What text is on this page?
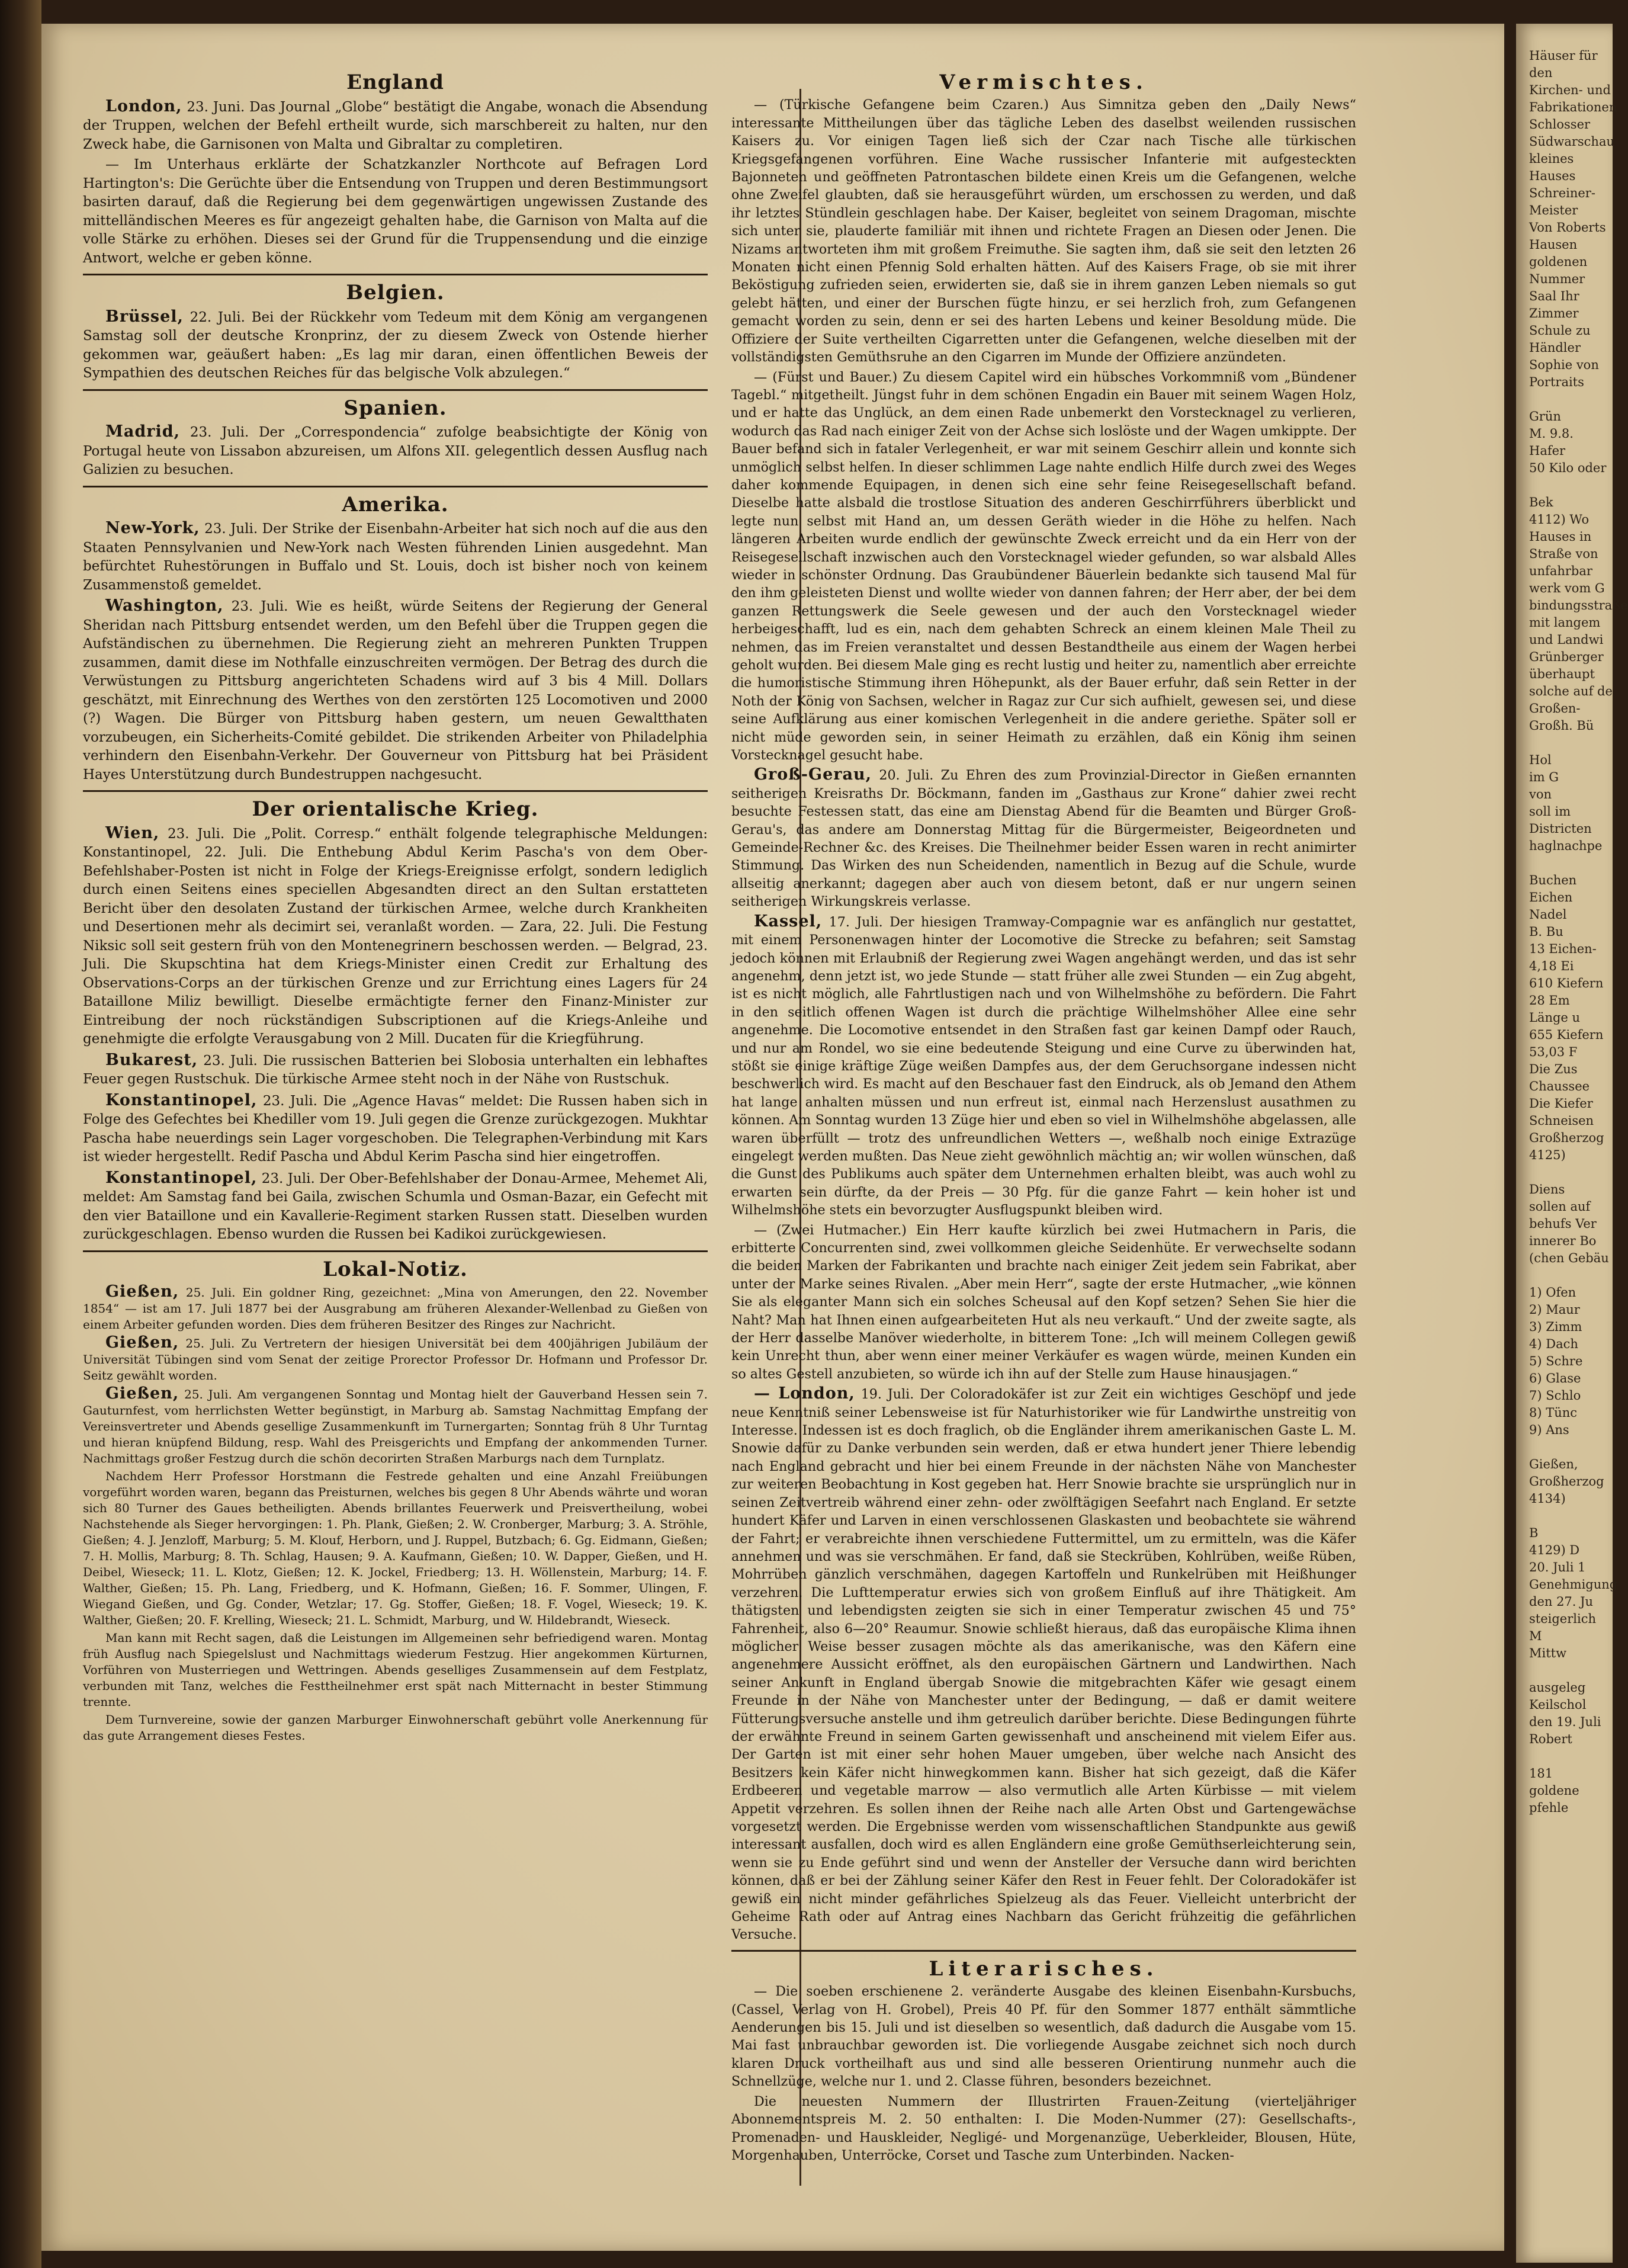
England

London, 23. Juni. Das Journal „Globe“ bestätigt die Angabe, wonach die Absendung der Truppen, welchen der Befehl ertheilt wurde, sich marschbereit zu halten, nur den Zweck habe, die Garnisonen von Malta und Gibraltar zu completiren.

— Im Unterhaus erklärte der Schatzkanzler Northcote auf Befragen Lord Hartington's: Die Gerüchte über die Entsendung von Truppen und deren Bestimmungsort basirten darauf, daß die Regierung bei dem gegenwärtigen ungewissen Zustande des mittelländischen Meeres es für angezeigt gehalten habe, die Garnison von Malta auf die volle Stärke zu erhöhen. Dieses sei der Grund für die Truppensendung und die einzige Antwort, welche er geben könne.

Belgien.

Brüssel, 22. Juli. Bei der Rückkehr vom Tedeum mit dem König am vergangenen Samstag soll der deutsche Kronprinz, der zu diesem Zweck von Ostende hierher gekommen war, geäußert haben: „Es lag mir daran, einen öffentlichen Beweis der Sympathien des deutschen Reiches für das belgische Volk abzulegen.“

Spanien.

Madrid, 23. Juli. Der „Correspondencia“ zufolge beabsichtigte der König von Portugal heute von Lissabon abzureisen, um Alfons XII. gelegentlich dessen Ausflug nach Galizien zu besuchen.

Amerika.

New-York, 23. Juli. Der Strike der Eisenbahn-Arbeiter hat sich noch auf die aus den Staaten Pennsylvanien und New-York nach Westen führenden Linien ausgedehnt. Man befürchtet Ruhestörungen in Buffalo und St. Louis, doch ist bisher noch von keinem Zusammenstoß gemeldet.

Washington, 23. Juli. Wie es heißt, würde Seitens der Regierung der General Sheridan nach Pittsburg entsendet werden, um den Befehl über die Truppen gegen die Aufständischen zu übernehmen. Die Regierung zieht an mehreren Punkten Truppen zusammen, damit diese im Nothfalle einzuschreiten vermögen. Der Betrag des durch die Verwüstungen zu Pittsburg angerichteten Schadens wird auf 3 bis 4 Mill. Dollars geschätzt, mit Einrechnung des Werthes von den zerstörten 125 Locomotiven und 2000 (?) Wagen. Die Bürger von Pittsburg haben gestern, um neuen Gewaltthaten vorzubeugen, ein Sicherheits-Comité gebildet. Die strikenden Arbeiter von Philadelphia verhindern den Eisenbahn-Verkehr. Der Gouverneur von Pittsburg hat bei Präsident Hayes Unterstützung durch Bundestruppen nachgesucht.

Der orientalische Krieg.

Wien, 23. Juli. Die „Polit. Corresp.“ enthält folgende telegraphische Meldungen: Konstantinopel, 22. Juli. Die Enthebung Abdul Kerim Pascha's von dem Ober-Befehlshaber-Posten ist nicht in Folge der Kriegs-Ereignisse erfolgt, sondern lediglich durch einen Seitens eines speciellen Abgesandten direct an den Sultan erstatteten Bericht über den desolaten Zustand der türkischen Armee, welche durch Krankheiten und Desertionen mehr als decimirt sei, veranlaßt worden. — Zara, 22. Juli. Die Festung Niksic soll seit gestern früh von den Montenegrinern beschossen werden. — Belgrad, 23. Juli. Die Skupschtina hat dem Kriegs-Minister einen Credit zur Erhaltung des Observations-Corps an der türkischen Grenze und zur Errichtung eines Lagers für 24 Bataillone Miliz bewilligt. Dieselbe ermächtigte ferner den Finanz-Minister zur Eintreibung der noch rückständigen Subscriptionen auf die Kriegs-Anleihe und genehmigte die erfolgte Verausgabung von 2 Mill. Ducaten für die Kriegführung.

Bukarest, 23. Juli. Die russischen Batterien bei Slobosia unterhalten ein lebhaftes Feuer gegen Rustschuk. Die türkische Armee steht noch in der Nähe von Rustschuk.

Konstantinopel, 23. Juli. Die „Agence Havas“ meldet: Die Russen haben sich in Folge des Gefechtes bei Khediller vom 19. Juli gegen die Grenze zurückgezogen. Mukhtar Pascha habe neuerdings sein Lager vorgeschoben. Die Telegraphen-Verbindung mit Kars ist wieder hergestellt. Redif Pascha und Abdul Kerim Pascha sind hier eingetroffen.

Konstantinopel, 23. Juli. Der Ober-Befehlshaber der Donau-Armee, Mehemet Ali, meldet: Am Samstag fand bei Gaila, zwischen Schumla und Osman-Bazar, ein Gefecht mit den vier Bataillone und ein Kavallerie-Regiment starken Russen statt. Dieselben wurden zurückgeschlagen. Ebenso wurden die Russen bei Kadikoi zurückgewiesen.

Lokal-Notiz.

Gießen, 25. Juli. Ein goldner Ring, gezeichnet: „Mina von Amerungen, den 22. November 1854“ — ist am 17. Juli 1877 bei der Ausgrabung am früheren Alexander-Wellenbad zu Gießen von einem Arbeiter gefunden worden. Dies dem früheren Besitzer des Ringes zur Nachricht.

Gießen, 25. Juli. Zu Vertretern der hiesigen Universität bei dem 400jährigen Jubiläum der Universität Tübingen sind vom Senat der zeitige Prorector Professor Dr. Hofmann und Professor Dr. Seitz gewählt worden.

Gießen, 25. Juli. Am vergangenen Sonntag und Montag hielt der Gauverband Hessen sein 7. Gauturnfest, vom herrlichsten Wetter begünstigt, in Marburg ab. Samstag Nachmittag Empfang der Vereinsvertreter und Abends gesellige Zusammenkunft im Turnergarten; Sonntag früh 8 Uhr Turntag und hieran knüpfend Bildung, resp. Wahl des Preisgerichts und Empfang der ankommenden Turner. Nachmittags großer Festzug durch die schön decorirten Straßen Marburgs nach dem Turnplatz.

Nachdem Herr Professor Horstmann die Festrede gehalten und eine Anzahl Freiübungen vorgeführt worden waren, begann das Preisturnen, welches bis gegen 8 Uhr Abends währte und woran sich 80 Turner des Gaues betheiligten. Abends brillantes Feuerwerk und Preisvertheilung, wobei Nachstehende als Sieger hervorgingen: 1. Ph. Plank, Gießen; 2. W. Cronberger, Marburg; 3. A. Ströhle, Gießen; 4. J. Jenzloff, Marburg; 5. M. Klouf, Herborn, und J. Ruppel, Butzbach; 6. Gg. Eidmann, Gießen; 7. H. Mollis, Marburg; 8. Th. Schlag, Hausen; 9. A. Kaufmann, Gießen; 10. W. Dapper, Gießen, und H. Deibel, Wieseck; 11. L. Klotz, Gießen; 12. K. Jockel, Friedberg; 13. H. Wöllenstein, Marburg; 14. F. Walther, Gießen; 15. Ph. Lang, Friedberg, und K. Hofmann, Gießen; 16. F. Sommer, Ulingen, F. Wiegand Gießen, und Gg. Conder, Wetzlar; 17. Gg. Stoffer, Gießen; 18. F. Vogel, Wieseck; 19. K. Walther, Gießen; 20. F. Krelling, Wieseck; 21. L. Schmidt, Marburg, und W. Hildebrandt, Wieseck.

Man kann mit Recht sagen, daß die Leistungen im Allgemeinen sehr befriedigend waren. Montag früh Ausflug nach Spiegelslust und Nachmittags wiederum Festzug. Hier angekommen Kürturnen, Vorführen von Musterriegen und Wettringen. Abends geselliges Zusammensein auf dem Festplatz, verbunden mit Tanz, welches die Festtheilnehmer erst spät nach Mitternacht in bester Stimmung trennte.

Dem Turnvereine, sowie der ganzen Marburger Einwohnerschaft gebührt volle Anerkennung für das gute Arrangement dieses Festes.

Vermischtes.

— (Türkische Gefangene beim Czaren.) Aus Simnitza geben den „Daily News“ interessante Mittheilungen über das tägliche Leben des daselbst weilenden russischen Kaisers zu. Vor einigen Tagen ließ sich der Czar nach Tische alle türkischen Kriegsgefangenen vorführen. Eine Wache russischer Infanterie mit aufgesteckten Bajonneten und geöffneten Patrontaschen bildete einen Kreis um die Gefangenen, welche ohne Zweifel glaubten, daß sie herausgeführt würden, um erschossen zu werden, und daß ihr letztes Stündlein geschlagen habe. Der Kaiser, begleitet von seinem Dragoman, mischte sich unter sie, plauderte familiär mit ihnen und richtete Fragen an Diesen oder Jenen. Die Nizams antworteten ihm mit großem Freimuthe. Sie sagten ihm, daß sie seit den letzten 26 Monaten nicht einen Pfennig Sold erhalten hätten. Auf des Kaisers Frage, ob sie mit ihrer Beköstigung zufrieden seien, erwiderten sie, daß sie in ihrem ganzen Leben niemals so gut gelebt hätten, und einer der Burschen fügte hinzu, er sei herzlich froh, zum Gefangenen gemacht worden zu sein, denn er sei des harten Lebens und keiner Besoldung müde. Die Offiziere der Suite vertheilten Cigarretten unter die Gefangenen, welche dieselben mit der vollständigsten Gemüthsruhe an den Cigarren im Munde der Offiziere anzündeten.

— (Fürst und Bauer.) Zu diesem Capitel wird ein hübsches Vorkommniß vom „Bündener Tagebl.“ mitgetheilt. Jüngst fuhr in dem schönen Engadin ein Bauer mit seinem Wagen Holz, und er hatte das Unglück, an dem einen Rade unbemerkt den Vorstecknagel zu verlieren, wodurch das Rad nach einiger Zeit von der Achse sich loslöste und der Wagen umkippte. Der Bauer befand sich in fataler Verlegenheit, er war mit seinem Geschirr allein und konnte sich unmöglich selbst helfen. In dieser schlimmen Lage nahte endlich Hilfe durch zwei des Weges daher kommende Equipagen, in denen sich eine sehr feine Reisegesellschaft befand. Dieselbe hatte alsbald die trostlose Situation des anderen Geschirrführers überblickt und legte nun selbst mit Hand an, um dessen Geräth wieder in die Höhe zu helfen. Nach längeren Arbeiten wurde endlich der gewünschte Zweck erreicht und da ein Herr von der Reisegesellschaft inzwischen auch den Vorstecknagel wieder gefunden, so war alsbald Alles wieder in schönster Ordnung. Das Graubündener Bäuerlein bedankte sich tausend Mal für den ihm geleisteten Dienst und wollte wieder von dannen fahren; der Herr aber, der bei dem ganzen Rettungswerk die Seele gewesen und der auch den Vorstecknagel wieder herbeigeschafft, lud es ein, nach dem gehabten Schreck an einem kleinen Male Theil zu nehmen, das im Freien veranstaltet und dessen Bestandtheile aus einem der Wagen herbei geholt wurden. Bei diesem Male ging es recht lustig und heiter zu, namentlich aber erreichte die humoristische Stimmung ihren Höhepunkt, als der Bauer erfuhr, daß sein Retter in der Noth der König von Sachsen, welcher in Ragaz zur Cur sich aufhielt, gewesen sei, und diese seine Aufklärung aus einer komischen Verlegenheit in die andere geriethe. Später soll er nicht müde geworden sein, in seiner Heimath zu erzählen, daß ein König ihm seinen Vorstecknagel gesucht habe.

Groß-Gerau, 20. Juli. Zu Ehren des zum Provinzial-Director in Gießen ernannten seitherigen Kreisraths Dr. Böckmann, fanden im „Gasthaus zur Krone“ dahier zwei recht besuchte Festessen statt, das eine am Dienstag Abend für die Beamten und Bürger Groß-Gerau's, das andere am Donnerstag Mittag für die Bürgermeister, Beigeordneten und Gemeinde-Rechner &c. des Kreises. Die Theilnehmer beider Essen waren in recht animirter Stimmung. Das Wirken des nun Scheidenden, namentlich in Bezug auf die Schule, wurde allseitig anerkannt; dagegen aber auch von diesem betont, daß er nur ungern seinen seitherigen Wirkungskreis verlasse.

Kassel, 17. Juli. Der hiesigen Tramway-Compagnie war es anfänglich nur gestattet, mit einem Personenwagen hinter der Locomotive die Strecke zu befahren; seit Samstag jedoch können mit Erlaubniß der Regierung zwei Wagen angehängt werden, und das ist sehr angenehm, denn jetzt ist, wo jede Stunde — statt früher alle zwei Stunden — ein Zug abgeht, ist es nicht möglich, alle Fahrtlustigen nach und von Wilhelmshöhe zu befördern. Die Fahrt in den seitlich offenen Wagen ist durch die prächtige Wilhelmshöher Allee eine sehr angenehme. Die Locomotive entsendet in den Straßen fast gar keinen Dampf oder Rauch, und nur am Rondel, wo sie eine bedeutende Steigung und eine Curve zu überwinden hat, stößt sie einige kräftige Züge weißen Dampfes aus, der dem Geruchsorgane indessen nicht beschwerlich wird. Es macht auf den Beschauer fast den Eindruck, als ob Jemand den Athem hat lange anhalten müssen und nun erfreut ist, einmal nach Herzenslust ausathmen zu können. Am Sonntag wurden 13 Züge hier und eben so viel in Wilhelmshöhe abgelassen, alle waren überfüllt — trotz des unfreundlichen Wetters —, weßhalb noch einige Extrazüge eingelegt werden mußten. Das Neue zieht gewöhnlich mächtig an; wir wollen wünschen, daß die Gunst des Publikums auch später dem Unternehmen erhalten bleibt, was auch wohl zu erwarten sein dürfte, da der Preis — 30 Pfg. für die ganze Fahrt — kein hoher ist und Wilhelmshöhe stets ein bevorzugter Ausflugspunkt bleiben wird.

— (Zwei Hutmacher.) Ein Herr kaufte kürzlich bei zwei Hutmachern in Paris, die erbitterte Concurrenten sind, zwei vollkommen gleiche Seidenhüte. Er verwechselte sodann die beiden Marken der Fabrikanten und brachte nach einiger Zeit jedem sein Fabrikat, aber unter der Marke seines Rivalen. „Aber mein Herr“, sagte der erste Hutmacher, „wie können Sie als eleganter Mann sich ein solches Scheusal auf den Kopf setzen? Sehen Sie hier die Naht? Man hat Ihnen einen aufgearbeiteten Hut als neu verkauft.“ Und der zweite sagte, als der Herr dasselbe Manöver wiederholte, in bitterem Tone: „Ich will meinem Collegen gewiß kein Unrecht thun, aber wenn einer meiner Verkäufer es wagen würde, meinen Kunden ein so altes Gestell anzubieten, so würde ich ihn auf der Stelle zum Hause hinausjagen.“

— London, 19. Juli. Der Coloradokäfer ist zur Zeit ein wichtiges Geschöpf und jede neue Kenntniß seiner Lebensweise ist für Naturhistoriker wie für Landwirthe unstreitig von Interesse. Indessen ist es doch fraglich, ob die Engländer ihrem amerikanischen Gaste L. M. Snowie dafür zu Danke verbunden sein werden, daß er etwa hundert jener Thiere lebendig nach England gebracht und hier bei einem Freunde in der nächsten Nähe von Manchester zur weiteren Beobachtung in Kost gegeben hat. Herr Snowie brachte sie ursprünglich nur in seinen Zeitvertreib während einer zehn- oder zwölftägigen Seefahrt nach England. Er setzte hundert Käfer und Larven in einen verschlossenen Glaskasten und beobachtete sie während der Fahrt; er verabreichte ihnen verschiedene Futtermittel, um zu ermitteln, was die Käfer annehmen und was sie verschmähen. Er fand, daß sie Steckrüben, Kohlrüben, weiße Rüben, Mohrrüben gänzlich verschmähen, dagegen Kartoffeln und Runkelrüben mit Heißhunger verzehren. Die Lufttemperatur erwies sich von großem Einfluß auf ihre Thätigkeit. Am thätigsten und lebendigsten zeigten sie sich in einer Temperatur zwischen 45 und 75° Fahrenheit, also 6—20° Reaumur. Snowie schließt hieraus, daß das europäische Klima ihnen möglicher Weise besser zusagen möchte als das amerikanische, was den Käfern eine angenehmere Aussicht eröffnet, als den europäischen Gärtnern und Landwirthen. Nach seiner Ankunft in England übergab Snowie die mitgebrachten Käfer wie gesagt einem Freunde in der Nähe von Manchester unter der Bedingung, — daß er damit weitere Fütterungsversuche anstelle und ihm getreulich darüber berichte. Diese Bedingungen führte der erwähnte Freund in seinem Garten gewissenhaft und anscheinend mit vielem Eifer aus. Der Garten ist mit einer sehr hohen Mauer umgeben, über welche nach Ansicht des Besitzers kein Käfer nicht hinwegkommen kann. Bisher hat sich gezeigt, daß die Käfer Erdbeeren und vegetable marrow — also vermutlich alle Arten Kürbisse — mit vielem Appetit verzehren. Es sollen ihnen der Reihe nach alle Arten Obst und Gartengewächse vorgesetzt werden. Die Ergebnisse werden vom wissenschaftlichen Standpunkte aus gewiß interessant ausfallen, doch wird es allen Engländern eine große Gemüthserleichterung sein, wenn sie zu Ende geführt sind und wenn der Ansteller der Versuche dann wird berichten können, daß er bei der Zählung seiner Käfer den Rest in Feuer fehlt. Der Coloradokäfer ist gewiß ein nicht minder gefährliches Spielzeug als das Feuer. Vielleicht unterbricht der Geheime Rath oder auf Antrag eines Nachbarn das Gericht frühzeitig die gefährlichen Versuche.

Literarisches.

— Die soeben erschienene 2. veränderte Ausgabe des kleinen Eisenbahn-Kursbuchs, (Cassel, Verlag von H. Grobel), Preis 40 Pf. für den Sommer 1877 enthält sämmtliche Aenderungen bis 15. Juli und ist dieselben so wesentlich, daß dadurch die Ausgabe vom 15. Mai fast unbrauchbar geworden ist. Die vorliegende Ausgabe zeichnet sich noch durch klaren Druck vortheilhaft aus und sind alle besseren Orientirung nunmehr auch die Schnellzüge, welche nur 1. und 2. Classe führen, besonders bezeichnet.

Die neuesten Nummern der Illustrirten Frauen-Zeitung (vierteljähriger Abonnementspreis M. 2. 50 enthalten: I. Die Moden-Nummer (27): Gesellschafts-, Promenaden- und Hauskleider, Negligé- und Morgenanzüge, Ueberkleider, Blousen, Hüte, Morgenhauben, Unterröcke, Corset und Tasche zum Unterbinden. Nacken-

Häuser für den
Kirchen- und
Fabrikationen
Schlosser
Südwarschau
kleines Hauses
Schreiner-Meister
Von Roberts
Hausen
goldenen Nummer
Saal Ihr Zimmer
Schule zu
Händler
Sophie von
Portraits

Grün
M. 9.8. Hafer
50 Kilo oder

Bek
4112) Wo
Hauses in
Straße von
unfahrbar
werk vom G
bindungsstraße
mit langem
und Landwi
Grünberger
überhaupt
solche auf de
Großen-
Großh. Bü

Hol
im G
von
soll im
Districten
haglnachpe

Buchen
Eichen
Nadel
B. Bu
13 Eichen-
4,18 Ei
610 Kiefern
28 Em
Länge u
655 Kiefern
53,03 F
Die Zus
Chaussee
Die Kiefer
Schneisen
Großherzog
4125)

Diens
sollen auf
behufs Ver
innerer Bo
(chen Gebäu

1) Ofen
2) Maur
3) Zimm
4) Dach
5) Schre
6) Glase
7) Schlo
8) Tünc
9) Ans

Gießen,
Großherzog
4134)

B
4129) D
20. Juli 1
Genehmigung
den 27. Ju
steigerlich M
Mittw

ausgeleg
Keilschol
den 19. Juli
Robert

181
goldene
pfehle
